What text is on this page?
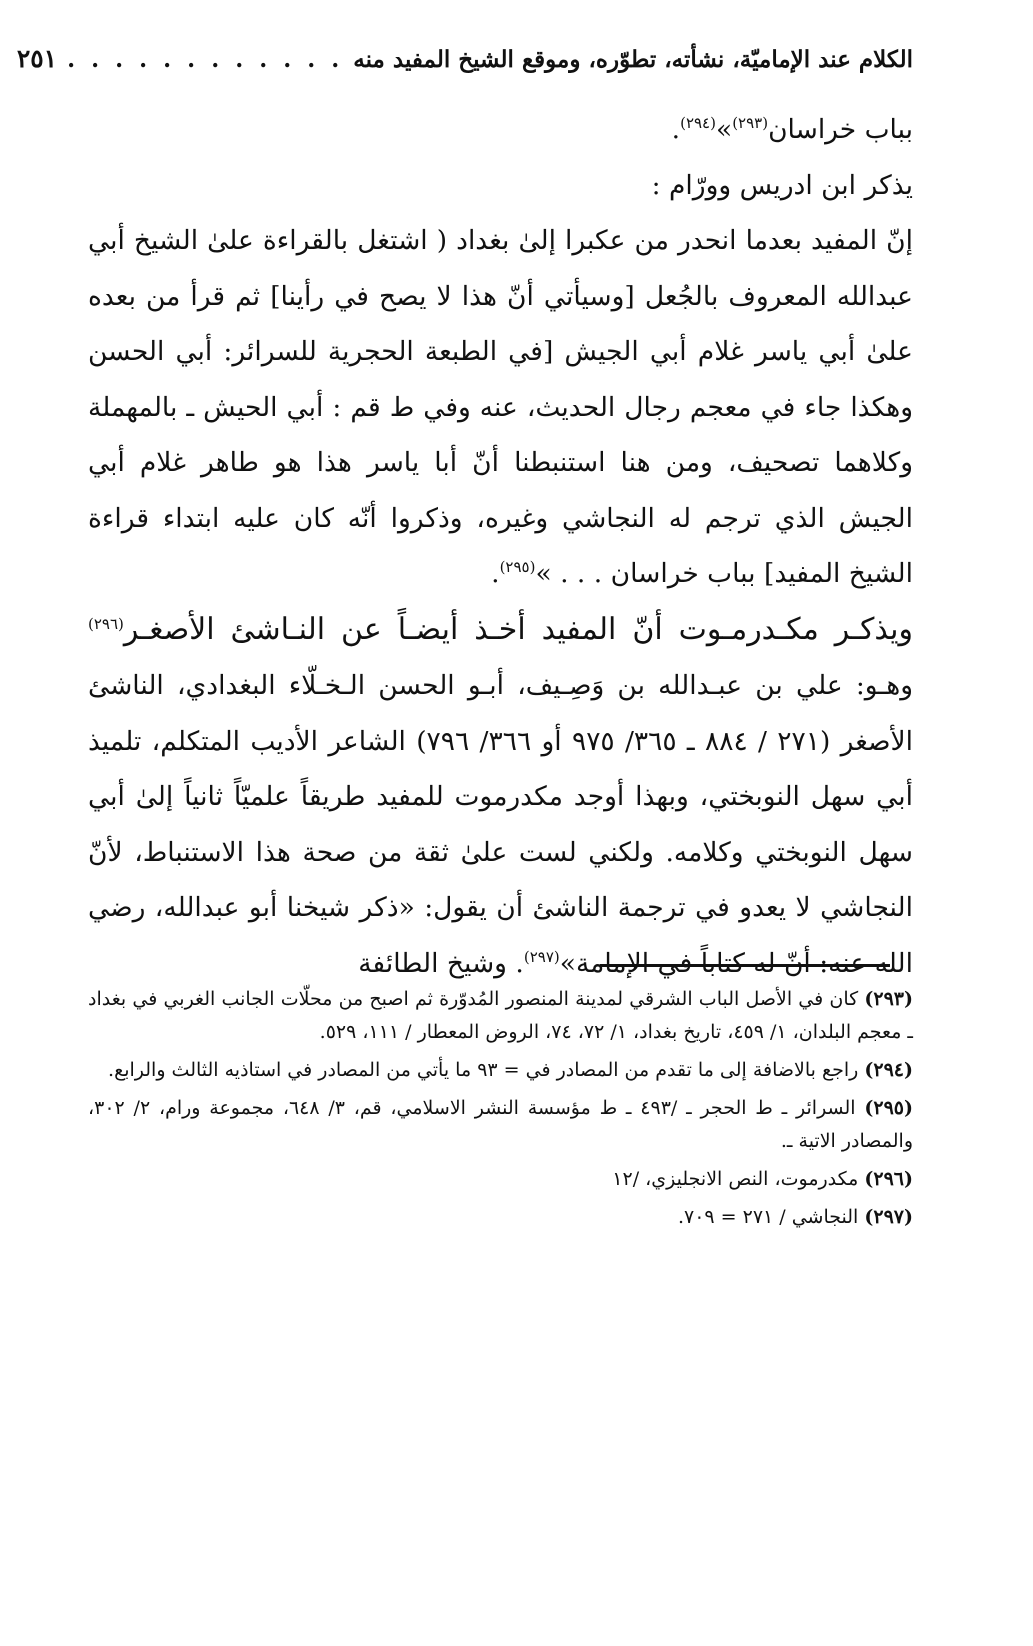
الكلام عند الإماميّة، نشأته، تطوّره، وموقع الشيخ المفيد منه
. . . . . . . . . . . .
٢٥١

بباب خراسان$^{(٢٩٣)}$»$^{(٢٩٤)}$.

يذكر ابن ادريس وورّام :

إنّ المفيد بعدما انحدر من عكبرا إلىٰ بغداد ( اشتغل بالقراءة علىٰ الشيخ أبي عبدالله المعروف بالجُعل [وسيأتي أنّ هذا لا يصح في رأينا] ثم قرأ من بعده علىٰ أبي ياسر غلام أبي الجيش [في الطبعة الحجرية للسرائر: أبي الحسن وهكذا جاء في معجم رجال الحديث، عنه وفي ط قم : أبي الحيش ـ بالمهملة وكلاهما تصحيف، ومن هنا استنبطنا أنّ أبا ياسر هذا هو طاهر غلام أبي الجيش الذي ترجم له النجاشي وغيره، وذكروا أنّه كان عليه ابتداء قراءة الشيخ المفيد] بباب خراسان . . . »$^{(٢٩٥)}$.

ويذكـر مكـدرمـوت أنّ المفيد أخـذ أيضـاً عن النـاشئ الأصغـر$^{(٢٩٦)}$ وهـو: علي بن عبـدالله بن وَصِـيف، أبـو الحسن الـخـلّاء البغدادي، الناشئ الأصغر (٢٧١ / ٨٨٤ ـ ٣٦٥/ ٩٧٥ أو ٣٦٦/ ٧٩٦) الشاعر الأديب المتكلم، تلميذ أبي سهل النوبختي، وبهذا أوجد مكدرموت للمفيد طريقاً علميّاً ثانياً إلىٰ أبي سهل النوبختي وكلامه. ولكني لست علىٰ ثقة من صحة هذا الاستنباط، لأنّ النجاشي لا يعدو في ترجمة الناشئ أن يقول: «ذكر شيخنا أبو عبدالله، رضي الله عنه: أنّ له كتاباً في الإمامة»$^{(٢٩٧)}$. وشيخ الطائفة

(٢٩٣) كان في الأصل الباب الشرقي لمدينة المنصور المُدوّرة ثم اصبح من محلّات الجانب الغربي في بغداد ـ معجم البلدان، ١/ ٤٥٩، تاريخ بغداد، ١/ ٧٢، ٧٤، الروض المعطار / ١١١، ٥٢٩.

(٢٩٤) راجع بالاضافة إلى ما تقدم من المصادر في = ٩٣ ما يأتي من المصادر في استاذيه الثالث والرابع.

(٢٩٥) السرائر ـ ط الحجر ـ /٤٩٣ ـ ط مؤسسة النشر الاسلامي، قم، ٣/ ٦٤٨، مجموعة ورام، ٢/ ٣٠٢، والمصادر الاتية ـ.

(٢٩٦) مكدرموت، النص الانجليزي، /١٢

(٢٩٧) النجاشي / ٢٧١ = ٧٠٩.
